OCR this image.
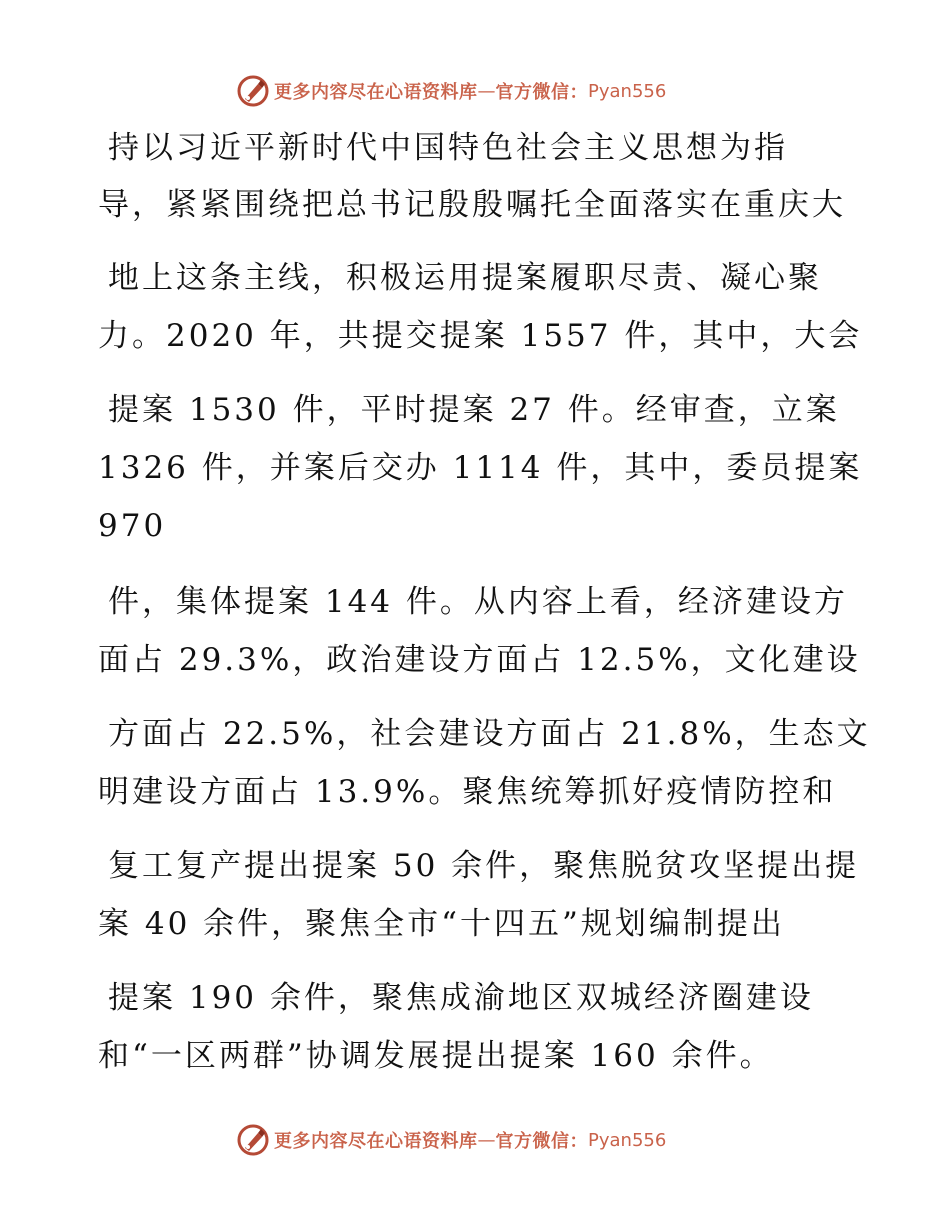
更多内容尽在心语资料库 — 官方微信： Pyan556
持以习近平新时代中国特色社会主义思想为指
导，紧紧围绕把总书记殷殷嘱托全面落实在重庆大
地上这条主线，积极运用提案履职尽责、凝心聚
力。2020 年，共提交提案 1557 件，其中，大会
提案 1530 件，平时提案 27 件。经审查，立案
1326 件，并案后交办 1114 件，其中，委员提案
970
件，集体提案 144 件。从内容上看，经济建设方
面占 29.3%，政治建设方面占 12.5%，文化建设
方面占 22.5%，社会建设方面占 21.8%，生态文
明建设方面占 13.9%。聚焦统筹抓好疫情防控和
复工复产提出提案 50 余件，聚焦脱贫攻坚提出提
案 40 余件，聚焦全市“十四五”规划编制提出
提案 190 余件，聚焦成渝地区双城经济圈建设
和“一区两群”协调发展提出提案 160 余件。
更多内容尽在心语资料库 — 官方微信： Pyan556
